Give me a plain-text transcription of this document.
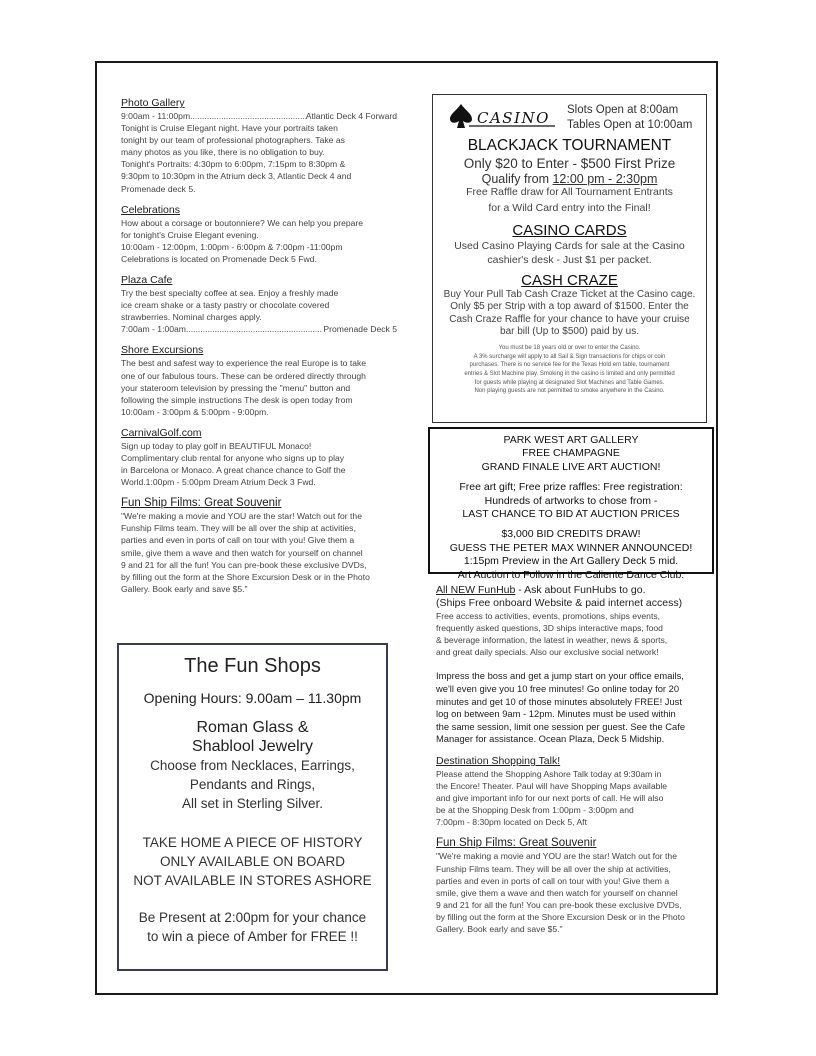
Photo Gallery
9:00am - 11:00pm .....	Atlantic Deck 4 Forward
Tonight is Cruise Elegant night. Have your portraits taken
tonight by our team of professional photographers. Take as
many photos as you like, there is no obligation to buy.
Tonight's Portraits: 4:30pm to 6:00pm, 7:15pm to 8:30pm &
9:30pm to 10:30pm in the Atrium deck 3, Atlantic Deck 4 and
Promenade deck 5.
Celebrations
How about a corsage or boutonniere? We can help you prepare
for tonight's Cruise Elegant evening.
10:00am - 12:00pm, 1:00pm - 6:00pm & 7:00pm -11:00pm
Celebrations is located on Promenade Deck 5 Fwd.
Plaza Cafe
Try the best specialty coffee at sea. Enjoy a freshly made
ice cream shake or a tasty pastry or chocolate covered
strawberries. Nominal charges apply.
7:00am - 1:00am .....	Promenade Deck 5
Shore Excursions
The best and safest way to experience the real Europe is to take
one of our fabulous tours. These can be ordered directly through
your stateroom television by pressing the "menu" button and
following the simple instructions The desk is open today from
10:00am - 3:00pm & 5:00pm - 9:00pm.
CarnivalGolf.com
Sign up today to play golf in BEAUTIFUL Monaco!
Complimentary club rental for anyone who signs up to play
in Barcelona or Monaco. A great chance chance to Golf the
World.1:00pm - 5:00pm Dream Atrium Deck 3 Fwd.
Fun Ship Films: Great Souvenir
"We're making a movie and YOU are the star! Watch out for the
Funship Films team. They will be all over the ship at activities,
parties and even in ports of call on tour with you! Give them a
smile, give them a wave and then watch for yourself on channel
9 and 21 for all the fun! You can pre-book these exclusive DVDs,
by filling out the form at the Shore Excursion Desk or in the Photo
Gallery. Book early and save $5."
The Fun Shops
Opening Hours: 9.00am – 11.30pm
Roman Glass &
Shablool Jewelry
Choose from Necklaces, Earrings,
Pendants and Rings,
All set in Sterling Silver.
TAKE HOME A PIECE OF HISTORY
ONLY AVAILABLE ON BOARD
NOT AVAILABLE IN STORES ASHORE
Be Present at 2:00pm for your chance
to win a piece of Amber for FREE !!
CASINO Slots Open at 8:00am
Tables Open at 10:00am
BLACKJACK TOURNAMENT
Only $20 to Enter - $500 First Prize
Qualify from 12:00 pm - 2:30pm
Free Raffle draw for All Tournament Entrants
for a Wild Card entry into the Final!
CASINO CARDS
Used Casino Playing Cards for sale at the Casino
cashier's desk - Just $1 per packet.
CASH CRAZE
Buy Your Pull Tab Cash Craze Ticket at the Casino cage.
Only $5 per Strip with a top award of $1500. Enter the
Cash Craze Raffle for your chance to have your cruise
bar bill (Up to $500) paid by us.
You must be 18 years old or over to enter the Casino.
A 3% surcharge will apply to all Sail & Sign transactions for chips or coin
purchases. There is no service fee for the Texas Hold em table, tournament
entries & Slot Machine play. Smoking in the casino is limited and only permitted
for guests while playing at designated Slot Machines and Table Games.
Non playing guests are not permitted to smoke anywhere in the Casino.
PARK WEST ART GALLERY
FREE CHAMPAGNE
GRAND FINALE LIVE ART AUCTION!
Free art gift; Free prize raffles: Free registration:
Hundreds of artworks to chose from -
LAST CHANCE TO BID AT AUCTION PRICES
$3,000 BID CREDITS DRAW!
GUESS THE PETER MAX WINNER ANNOUNCED!
1:15pm Preview in the Art Gallery Deck 5 mid.
Art Auction to Follow in the Caliente Dance Club.
All NEW FunHub - Ask about FunHubs to go.
(Ships Free onboard Website & paid internet access)
Free access to activities, events, promotions, ships events,
frequently asked questions, 3D ships interactive maps, food
& beverage information, the latest in weather, news & sports,
and great daily specials. Also our exclusive social network!
Impress the boss and get a jump start on your office emails,
we'll even give you 10 free minutes! Go online today for 20
minutes and get 10 of those minutes absolutely FREE! Just
log on between 9am - 12pm. Minutes must be used within
the same session, limit one session per guest. See the Cafe
Manager for assistance. Ocean Plaza, Deck 5 Midship.
Destination Shopping Talk!
Please attend the Shopping Ashore Talk today at 9:30am in
the Encore! Theater. Paul will have Shopping Maps available
and give important info for our next ports of call. He will also
be at the Shopping Desk from 1:00pm - 3:00pm and
7:00pm - 8:30pm located on Deck 5, Aft
Fun Ship Films: Great Souvenir
"We're making a movie and YOU are the star! Watch out for the
Funship Films team. They will be all over the ship at activities,
parties and even in ports of call on tour with you! Give them a
smile, give them a wave and then watch for yourself on channel
9 and 21 for all the fun! You can pre-book these exclusive DVDs,
by filling out the form at the Shore Excursion Desk or in the Photo
Gallery. Book early and save $5."
